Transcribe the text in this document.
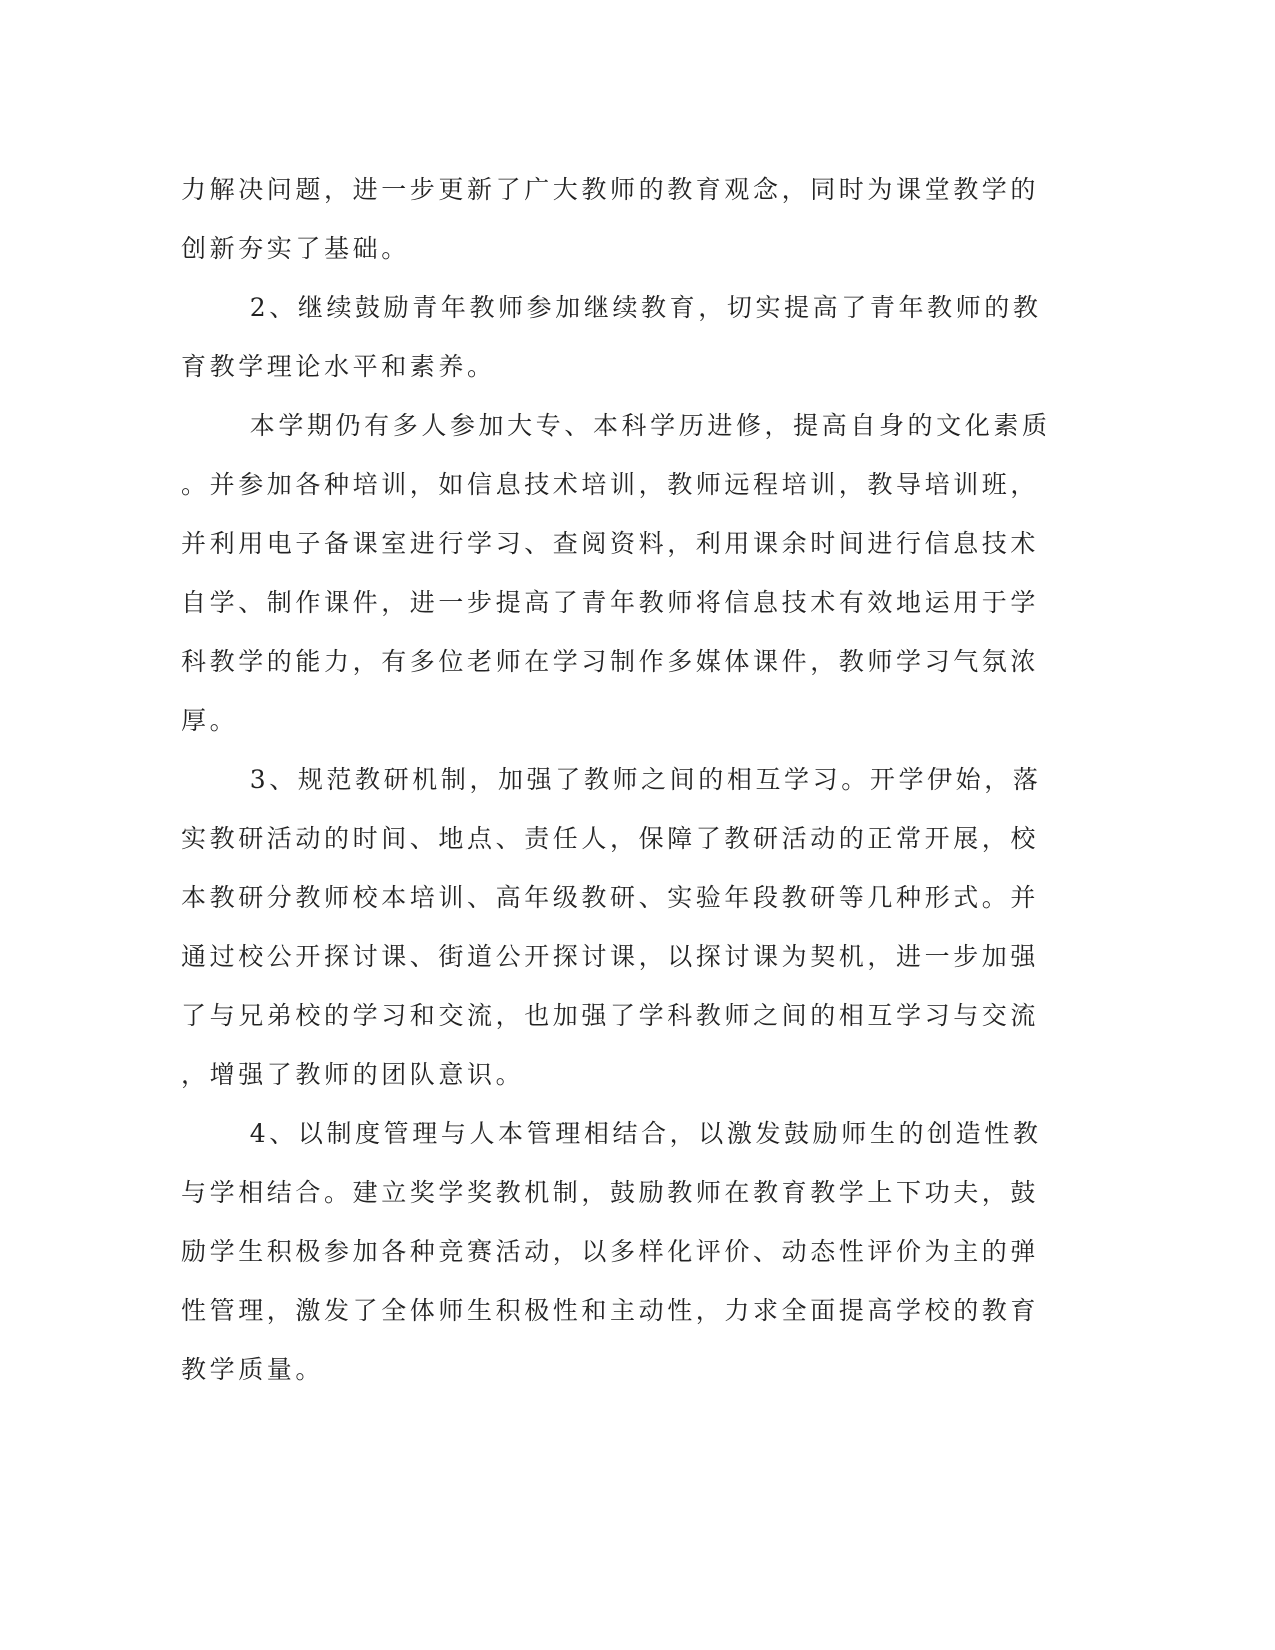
力解决问题，进一步更新了广大教师的教育观念，同时为课堂教学的
创新夯实了基础。
　　 2、继续鼓励青年教师参加继续教育，切实提高了青年教师的教
育教学理论水平和素养。
　　 本学期仍有多人参加大专、本科学历进修，提高自身的文化素质
。并参加各种培训，如信息技术培训，教师远程培训，教导培训班，
并利用电子备课室进行学习、查阅资料，利用课余时间进行信息技术
自学、制作课件，进一步提高了青年教师将信息技术有效地运用于学
科教学的能力，有多位老师在学习制作多媒体课件，教师学习气氛浓
厚。
　　 3、规范教研机制，加强了教师之间的相互学习。开学伊始，落
实教研活动的时间、地点、责任人，保障了教研活动的正常开展，校
本教研分教师校本培训、高年级教研、实验年段教研等几种形式。并
通过校公开探讨课、街道公开探讨课，以探讨课为契机，进一步加强
了与兄弟校的学习和交流，也加强了学科教师之间的相互学习与交流
，增强了教师的团队意识。
　　 4、以制度管理与人本管理相结合，以激发鼓励师生的创造性教
与学相结合。建立奖学奖教机制，鼓励教师在教育教学上下功夫，鼓
励学生积极参加各种竞赛活动，以多样化评价、动态性评价为主的弹
性管理，激发了全体师生积极性和主动性，力求全面提高学校的教育
教学质量。
